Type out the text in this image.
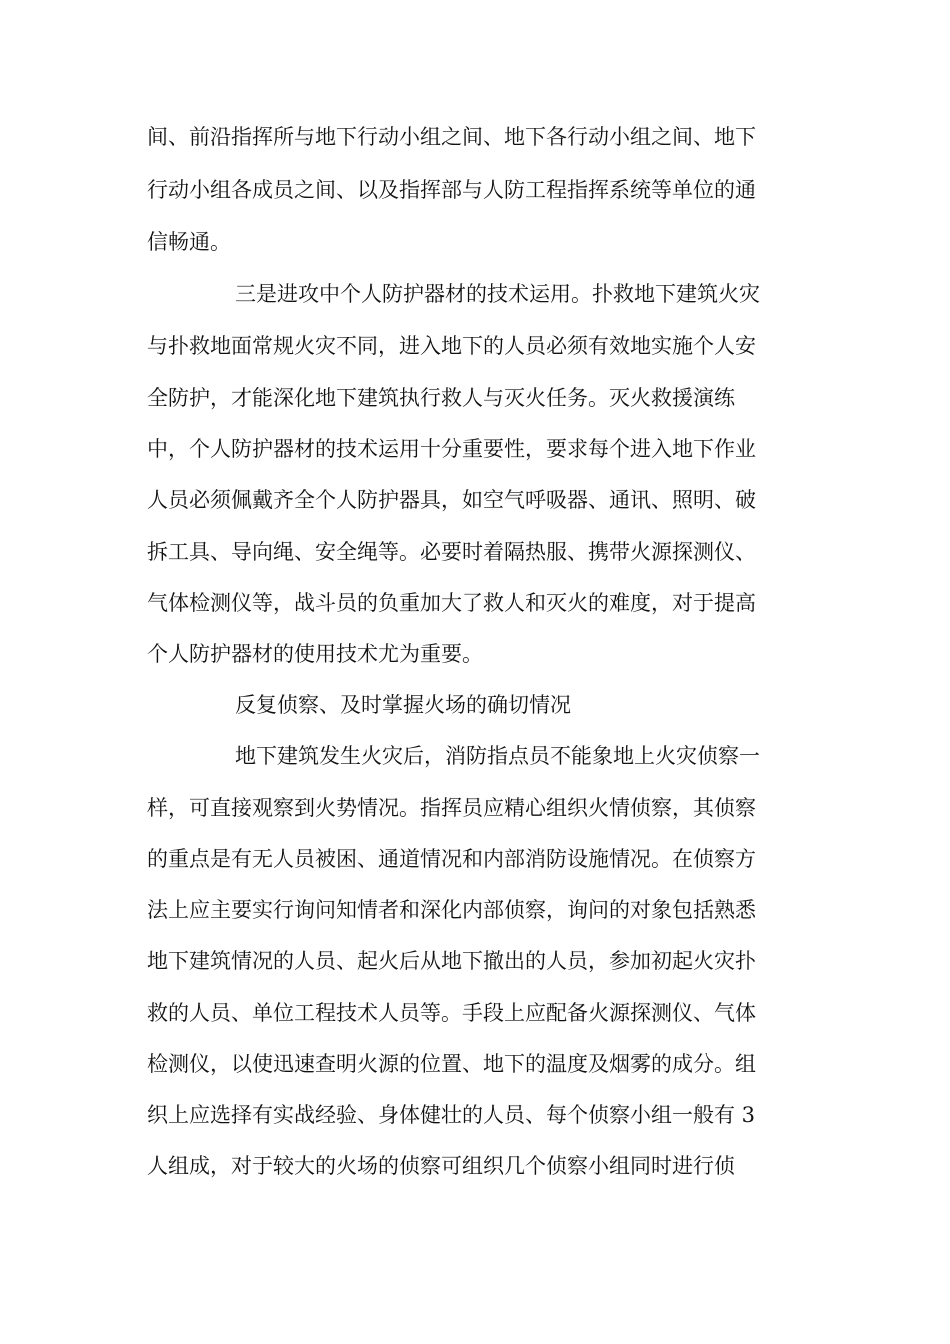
间、前沿指挥所与地下行动小组之间、地下各行动小组之间、地下
行动小组各成员之间、以及指挥部与人防工程指挥系统等单位的通
信畅通。
三是进攻中个人防护器材的技术运用。扑救地下建筑火灾
与扑救地面常规火灾不同，进入地下的人员必须有效地实施个人安
全防护，才能深化地下建筑执行救人与灭火任务。灭火救援演练
中，个人防护器材的技术运用十分重要性，要求每个进入地下作业
人员必须佩戴齐全个人防护器具，如空气呼吸器、通讯、照明、破
拆工具、导向绳、安全绳等。必要时着隔热服、携带火源探测仪、
气体检测仪等，战斗员的负重加大了救人和灭火的难度，对于提高
个人防护器材的使用技术尤为重要。
反复侦察、及时掌握火场的确切情况
地下建筑发生火灾后，消防指点员不能象地上火灾侦察一
样，可直接观察到火势情况。指挥员应精心组织火情侦察，其侦察
的重点是有无人员被困、通道情况和内部消防设施情况。在侦察方
法上应主要实行询问知情者和深化内部侦察，询问的对象包括熟悉
地下建筑情况的人员、起火后从地下撤出的人员，参加初起火灾扑
救的人员、单位工程技术人员等。手段上应配备火源探测仪、气体
检测仪，以使迅速查明火源的位置、地下的温度及烟雾的成分。组
织上应选择有实战经验、身体健壮的人员、每个侦察小组一般有 3
人组成，对于较大的火场的侦察可组织几个侦察小组同时进行侦
